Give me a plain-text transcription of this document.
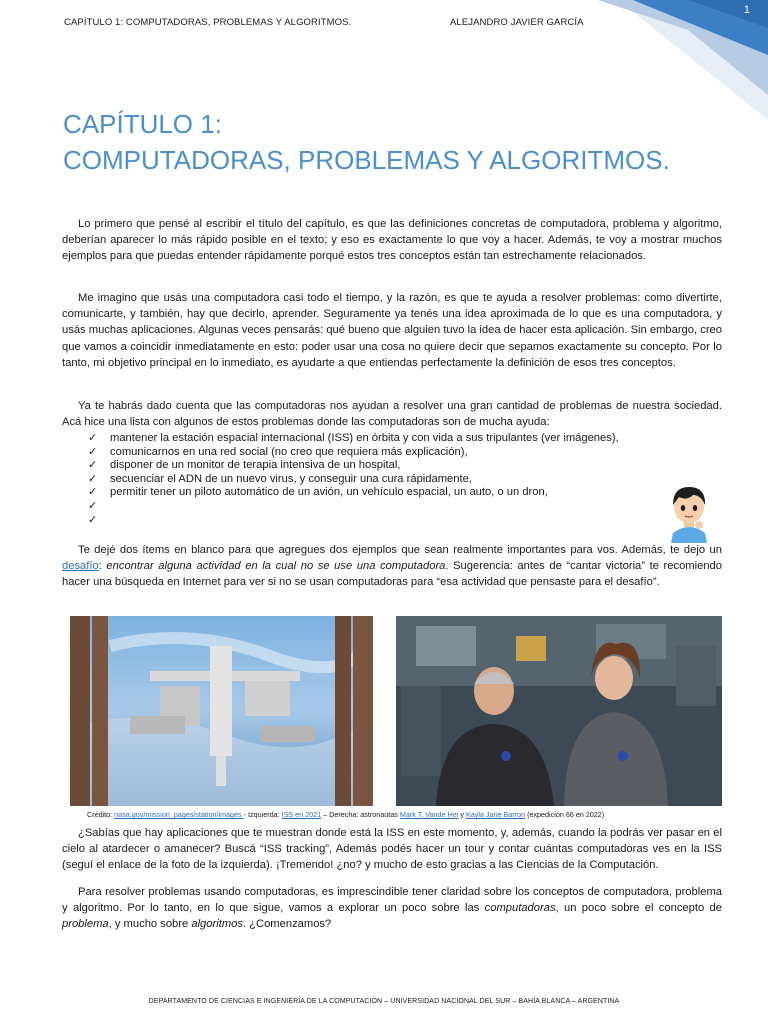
1
CAPÍTULO 1: COMPUTADORAS, PROBLEMAS Y ALGORITMOS.	ALEJANDRO JAVIER GARCÍA
CAPÍTULO 1:
COMPUTADORAS, PROBLEMAS Y ALGORITMOS.

Lo primero que pensé al escribir el título del capítulo, es que las definiciones concretas de computadora, problema y algoritmo, deberían aparecer lo más rápido posible en el texto; y eso es exactamente lo que voy a hacer. Además, te voy a mostrar muchos ejemplos para que puedas entender rápidamente porqué estos tres conceptos están tan estrechamente relacionados.

Me imagino que usás una computadora casi todo el tiempo, y la razón, es que te ayuda a resolver problemas: como divertirte, comunicarte, y también, hay que decirlo, aprender. Seguramente ya tenés una idea aproximada de lo que es una computadora, y usás muchas aplicaciones. Algunas veces pensarás: qué bueno que alguien tuvo la idea de hacer esta aplicación. Sin embargo, creo que vamos a coincidir inmediatamente en esto: poder usar una cosa no quiere decir que sepamos exactamente su concepto. Por lo tanto, mi objetivo principal en lo inmediato, es ayudarte a que entiendas perfectamente la definición de esos tres conceptos.

Ya te habrás dado cuenta que las computadoras nos ayudan a resolver una gran cantidad de problemas de nuestra sociedad. Acá hice una lista con algunos de estos problemas donde las computadoras son de mucha ayuda:

✓ mantener la estación espacial internacional (ISS) en órbita y con vida a sus tripulantes (ver imágenes),
✓ comunicarnos en una red social (no creo que requiera más explicación),
✓ disponer de un monitor de terapia intensiva de un hospital,
✓ secuenciar el ADN de un nuevo virus, y conseguir una cura rápidamente,
✓ permitir tener un piloto automático de un avión, un vehículo espacial, un auto, o un dron,
✓
✓

Te dejé dos ítems en blanco para que agregues dos ejemplos que sean realmente importantes para vos. Además, te dejo un desafío: encontrar alguna actividad en la cual no se use una computadora. Sugerencia: antes de “cantar victoria” te recomiendo hacer una búsqueda en Internet para ver si no se usan computadoras para “esa actividad que pensaste para el desafío”.

Crédito: nasa.gov/mission_pages/station/images - Izquierda: ISS en 2021 – Derecha: astronautas Mark T. Vande Hei y Kayla Jane Barron (expedición 66 en 2022)

¿Sabías que hay aplicaciones que te muestran donde está la ISS en este momento, y, además, cuando la podrás ver pasar en el cielo al atardecer o amanecer? Buscá “ISS tracking”, Además podés hacer un tour y contar cuántas computadoras ves en la ISS (seguí el enlace de la foto de la izquierda). ¡Tremendo! ¿no? y mucho de esto gracias a las Ciencias de la Computación.

Para resolver problemas usando computadoras, es imprescindible tener claridad sobre los conceptos de computadora, problema y algoritmo. Por lo tanto, en lo que sigue, vamos a explorar un poco sobre las computadoras, un poco sobre el concepto de problema, y mucho sobre algoritmos. ¿Comenzamos?

DEPARTAMENTO DE CIENCIAS E INGENIERÍA DE LA COMPUTACIÓN – UNIVERSIDAD NACIONAL DEL SUR – BAHÍA BLANCA – ARGENTINA
